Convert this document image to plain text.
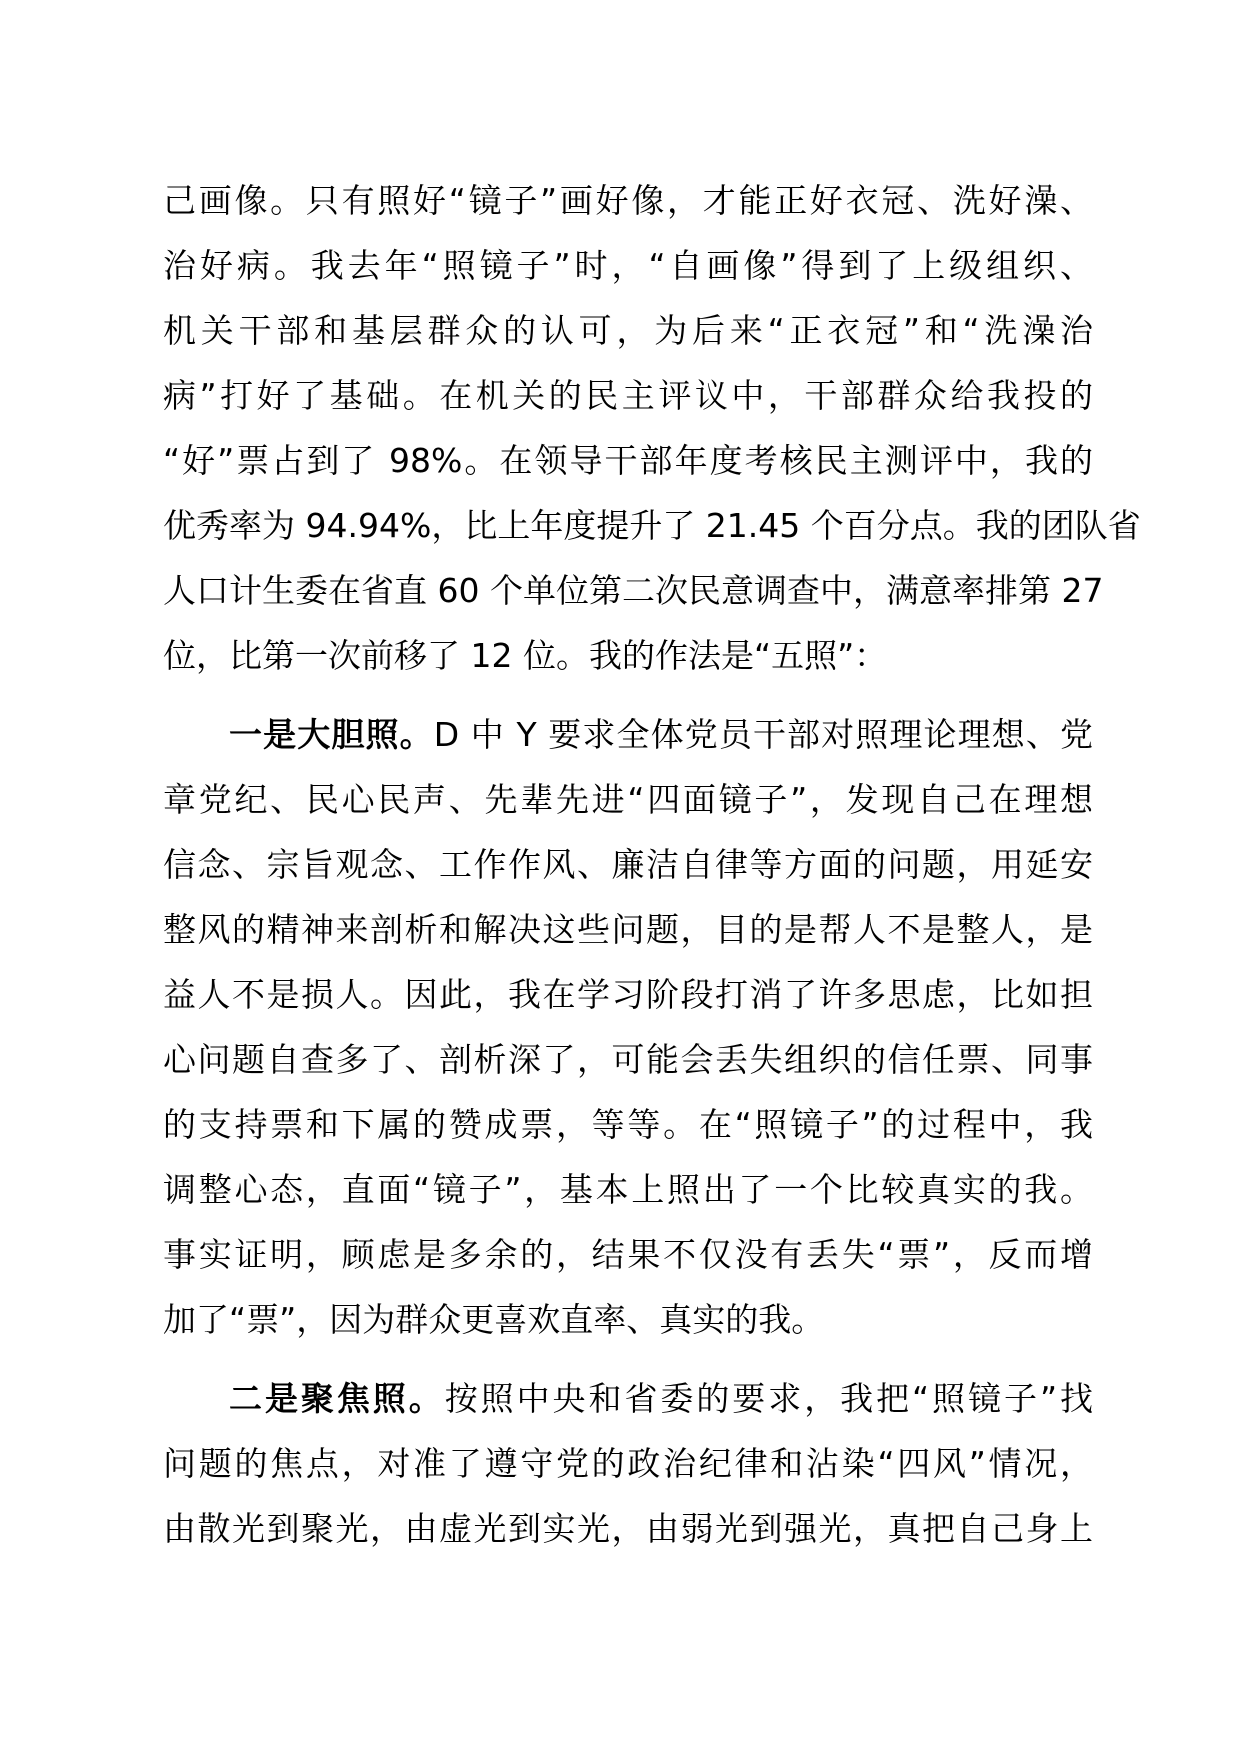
己画像。只有照好“镜子”画好像，才能正好衣冠、洗好澡、
治好病。我去年“照镜子”时，“自画像”得到了上级组织、
机关干部和基层群众的认可，为后来“正衣冠”和“洗澡治
病”打好了基础。在机关的民主评议中，干部群众给我投的
“好”票占到了 98%。在领导干部年度考核民主测评中，我的
优秀率为 94.94%，比上年度提升了 21.45 个百分点。我的团队省
人口计生委在省直 60 个单位第二次民意调查中，满意率排第 27
位，比第一次前移了 12 位。我的作法是“五照”：
一是大胆照。D 中 Y 要求全体党员干部对照理论理想、党
章党纪、民心民声、先辈先进“四面镜子”，发现自己在理想
信念、宗旨观念、工作作风、廉洁自律等方面的问题，用延安
整风的精神来剖析和解决这些问题，目的是帮人不是整人，是
益人不是损人。因此，我在学习阶段打消了许多思虑，比如担
心问题自查多了、剖析深了，可能会丢失组织的信任票、同事
的支持票和下属的赞成票，等等。在“照镜子”的过程中，我
调整心态，直面“镜子”，基本上照出了一个比较真实的我。
事实证明，顾虑是多余的，结果不仅没有丢失“票”，反而增
加了“票”，因为群众更喜欢直率、真实的我。
二是聚焦照。按照中央和省委的要求，我把“照镜子”找
问题的焦点，对准了遵守党的政治纪律和沾染“四风”情况，
由散光到聚光，由虚光到实光，由弱光到强光，真把自己身上
